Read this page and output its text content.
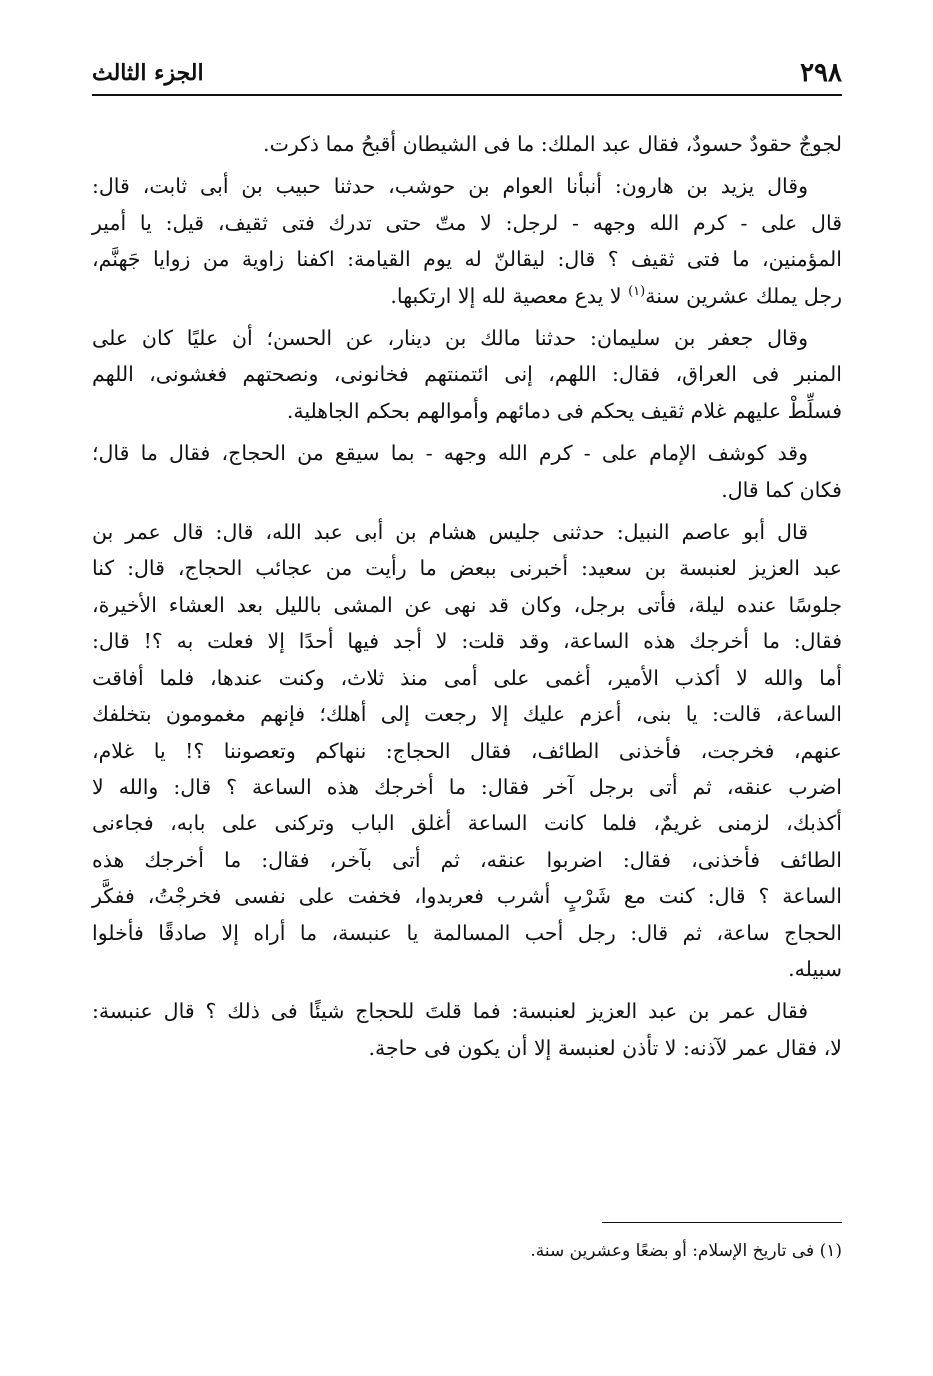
٢٩٨
الجزء الثالث

لجوجٌ حقودٌ حسودٌ، فقال عبد الملك: ما فى الشيطان أقبحُ مما ذكرت.

وقال يزيد بن هارون: أنبأنا العوام بن حوشب، حدثنا حبيب بن أبى ثابت، قال:
قال على - كرم الله وجهه - لرجل: لا متّ حتى تدرك فتى ثقيف، قيل: يا أمير
المؤمنين، ما فتى ثقيف ؟ قال: ليقالنّ له يوم القيامة: اكفنا زاوية من زوايا جَهنَّم،
رجل يملك عشرين سنة$^{(١)}$ لا يدع معصية لله إلا ارتكبها.

وقال جعفر بن سليمان: حدثنا مالك بن دينار، عن الحسن؛ أن عليًا كان على
المنبر فى العراق، فقال: اللهم، إنى ائتمنتهم فخانونى، ونصحتهم فغشونى، اللهم
فسلِّطْ عليهم غلام ثقيف يحكم فى دمائهم وأموالهم بحكم الجاهلية.

وقد كوشف الإمام على - كرم الله وجهه - بما سيقع من الحجاج، فقال ما قال؛
فكان كما قال.

قال أبو عاصم النبيل: حدثنى جليس هشام بن أبى عبد الله، قال: قال عمر بن
عبد العزيز لعنبسة بن سعيد: أخبرنى ببعض ما رأيت من عجائب الحجاج، قال: كنا
جلوسًا عنده ليلة، فأتى برجل، وكان قد نهى عن المشى بالليل بعد العشاء الأخيرة،
فقال: ما أخرجك هذه الساعة، وقد قلت: لا أجد فيها أحدًا إلا فعلت به ؟! قال:
أما والله لا أكذب الأمير، أغمى على أمى منذ ثلاث، وكنت عندها، فلما أفاقت
الساعة، قالت: يا بنى، أعزم عليك إلا رجعت إلى أهلك؛ فإنهم مغمومون بتخلفك
عنهم، فخرجت، فأخذنى الطائف، فقال الحجاج: ننهاكم وتعصوننا ؟! يا غلام،
اضرب عنقه، ثم أتى برجل آخر فقال: ما أخرجك هذه الساعة ؟ قال: والله لا
أكذبك، لزمنى غريمٌ، فلما كانت الساعة أغلق الباب وتركنى على بابه، فجاءنى
الطائف فأخذنى، فقال: اضربوا عنقه، ثم أتى بآخر، فقال: ما أخرجك هذه
الساعة ؟ قال: كنت مع شَرْبٍ أشرب فعربدوا، فخفت على نفسى فخرجْتُ، ففكَّر
الحجاج ساعة، ثم قال: رجل أحب المسالمة يا عنبسة، ما أراه إلا صادقًا فأخلوا
سبيله.

فقال عمر بن عبد العزيز لعنبسة: فما قلتَ للحجاج شيئًا فى ذلك ؟ قال عنبسة:
لا، فقال عمر لآذنه: لا تأذن لعنبسة إلا أن يكون فى حاجة.

(١) فى تاريخ الإسلام: أو بضعًا وعشرين سنة.
